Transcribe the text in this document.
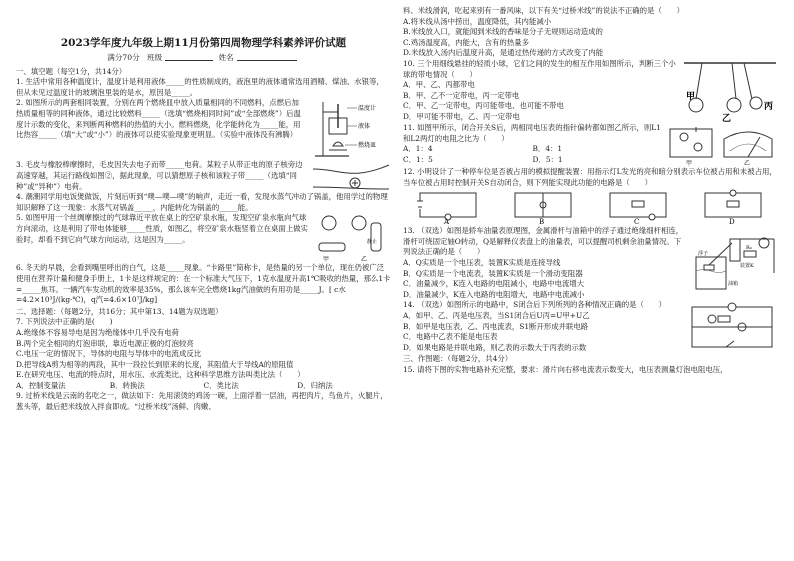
2023学年度九年级上期11月份第四周物理学科素养评价试题
满分70分 班级	姓名

一、填空题（每空1分，共14分）

1. 生活中常用各种温度计，温度计是利用液体_____的性质制成的，液泡里的液体通常选用酒精、煤油、水银等，但从未见过温度计的玻璃泡里装的是水，原因是_____。

2. 如图所示的两套相同装置，分别在两个燃烧皿中放入质量相同的不同燃料，点燃后加热质量相等的同种液体，通过比较燃料_____（选填“燃烧相同时间”或“全部燃烧”）后温度计示数的变化，来判断两种燃料的热值的大小。燃料燃烧，化学能转化为_____能，用比热容_____（填“大”或“小”）的液体可以使实验现象更明显。（实验中液体没有沸腾）

温度计
液体
燃烧皿

3. 毛皮与橡胶棒摩擦时，毛皮因失去电子而带_____电荷。某粒子从带正电的原子核旁边高速穿越，其运行路线如图②，据此现象，可以猜想原子核和该粒子带_____（选填“同种”或“异种”）电荷。

4. 潮潮同学用电饭煲做饭，片刻后听到“噗—噗—噗”的响声，走近一看，发现水蒸气冲动了锅盖，他用学过的物理知识解释了这一现象：水蒸气对锅盖_____，内能转化为锅盖的_____能。

5. 如图甲用一个丝绸摩擦过的气球靠近平放在桌上的空矿泉水瓶，发现空矿泉水瓶向气球方向滚动，这是利用了带电体能够_____性质，如图乙，将空矿泉水瓶竖着立在桌面上做实验时，却看不到它向气球方向运动，这是因为_____。

甲	乙
静止

6. 冬天的早晨，会看到嘴里呼出的白气，这是_____现象。“卡路里”简称卡，是热量的另一个单位，现在仍被广泛使用在营养计量和健身手册上，1卡是这样规定的：在一个标准大气压下，1克水温度升高1℃吸收的热量，那么1卡=_____焦耳。一辆汽车发动机的效率是35%，那么该车完全燃烧1kg汽油做的有用功是_____J。[ c水=4.2×10³J/(kg·℃)，q汽=4.6×10⁷J/kg]

二、选择题：（每题2分，共16分；其中第13、14题为双选题）

7. 下列说法中正确的是(　　)

A.绝缘体不容易导电是因为绝缘体中几乎没有电荷

B.两个完全相同的灯泡串联，靠近电源正极的灯泡较亮

C.电压一定的情况下，导体的电阻与导体中的电流成反比

D.把导线A剪为相等的两段，其中一段拉长到原来的长度，其阻值大于导线A的原阻值

E.在研究电压、电流的特点时，用水压、水流类比，这种科学思维方法叫类比法（　　）

A．控制变量法	B．转换法	C．类比法	D．归纳法

9. 过桥米线是云南的名吃之一，做法如下：先用滚烫的鸡汤一碗，上面浮着一层油，再把肉片，鸟鱼片，火腿片，葱头等，最后把米线放入拌食即成。“过桥米线”汤鲜、肉嫩、

料、米线滑润，吃起来别有一番风味，以下有关“过桥米线”的说法不正确的是（　　）

A.将米线从汤中捞出，温度降低，其内能减小

B.米线放入口，就能闻到米线的香味是分子无规则运动造成的

C.鸡汤温度高，内能大，含有的热量多

D.米线放入汤内后温度升高，是通过热传递的方式改变了内能

10. 三个用细线悬挂的轻质小球，它们之间的发生的相互作用如图所示，判断三个小球的带电情况（　　）

A．甲、乙、丙都带电

B．甲、乙不一定带电，丙一定带电

C．甲、乙一定带电，丙可能带电、也可能不带电

D．甲可能不带电，乙、丙一定带电

甲
乙
丙

11. 如图甲所示，闭合开关S后，两相同电压表的指针偏转都如图乙所示，则L1和L2两灯的电阻之比为（　　）

A．1：4	B．4：1
C．1：5	D．5：1	甲	乙

12. 小明设计了一种停车位是否被占用的模拟提醒装置：用指示灯L发光的亮和暗分别表示车位被占用和未被占用，当车位被占用时控制开关S自动闭合，则下列能实现此功能的电路是（　　）

A	B	C	D

13. （双选）如图是轿车油量表原理图，金属滑杆与油箱中的浮子通过绝缘细杆相连，滑杆可绕固定轴O转动，Q是解释仪表盘上的油量表，可以提醒司机剩余油量情况。下列说法正确的是（　　）

A．Q实质是一个电压表，装置K实质是连接导线

B．Q实质是一个电流表，装置K实质是一个滑动变阻器

C．油量减少，K连入电路的电阻减小，电路中电流增大

D．油量减少，K连入电路的电阻增大，电路中电流减小

浮子
装置K
R₀
油箱

14. （双选）如图所示的电路中，S闭合后下列所列的各种情况正确的是（　　）

A．如甲、乙、丙是电压表，当S1闭合后U丙=U甲+U乙

B．如甲是电压表，乙、丙电流表，S1断开形成并联电路

C．电路中乙表不能是电压表

D．如果电路是并联电路，则乙表的示数大于丙表的示数

三、作图题：（每题2分，共4分）

15. 请将下图的实物电路补充完整，要求：滑片向右移电流表示数变大，电压表测量灯泡电阻电压，
